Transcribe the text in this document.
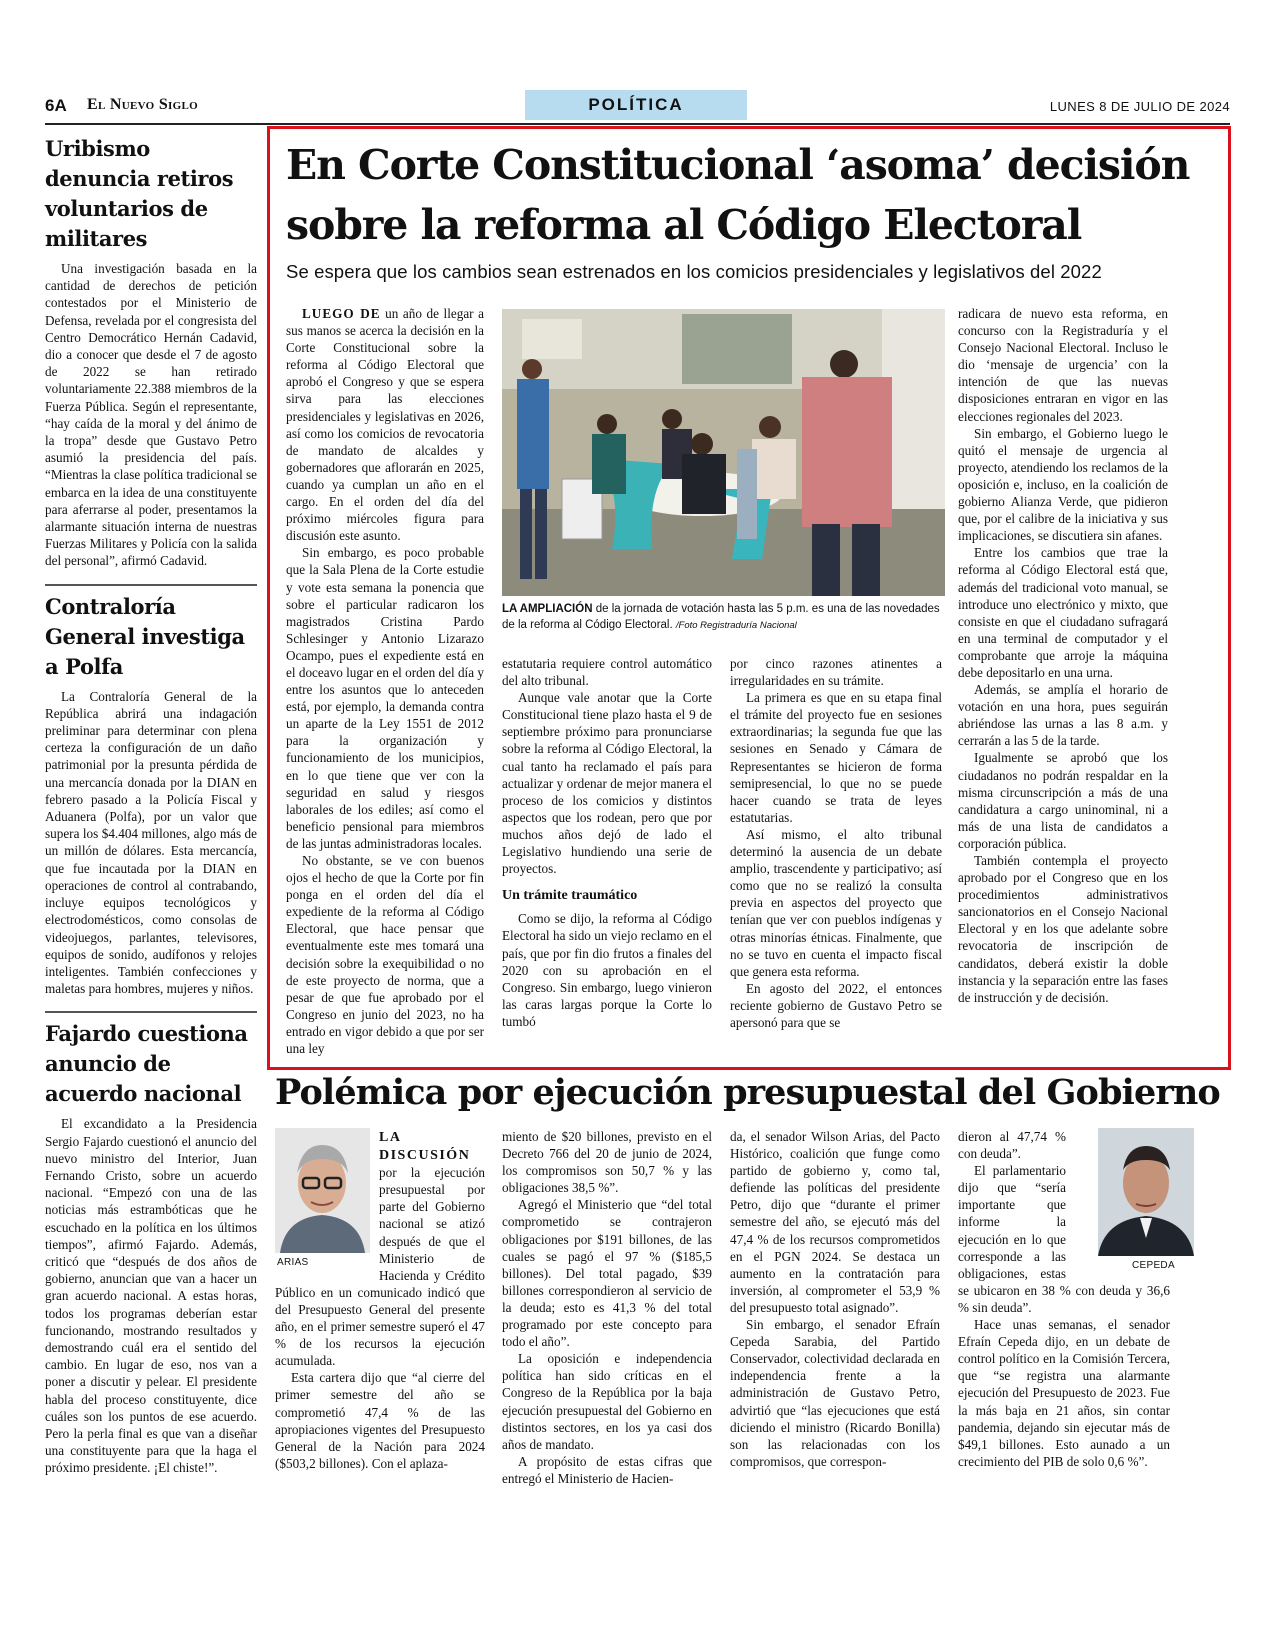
6A El Nuevo Siglo	POLÍTICA	LUNES 8 DE JULIO DE 2024
Uribismo denuncia retiros voluntarios de militares

Una investigación basada en la cantidad de derechos de petición contestados por el Ministerio de Defensa, revelada por el congresista del Centro Democrático Hernán Cadavid, dio a conocer que desde el 7 de agosto de 2022 se han retirado voluntariamente 22.388 miembros de la Fuerza Pública. Según el representante, “hay caída de la moral y del ánimo de la tropa” desde que Gustavo Petro asumió la presidencia del país. “Mientras la clase política tradicional se embarca en la idea de una constituyente para aferrarse al poder, presentamos la alarmante situación interna de nuestras Fuerzas Militares y Policía con la salida del personal”, afirmó Cadavid.

Contraloría General investiga a Polfa

La Contraloría General de la República abrirá una indagación preliminar para determinar con plena certeza la configuración de un daño patrimonial por la presunta pérdida de una mercancía donada por la DIAN en febrero pasado a la Policía Fiscal y Aduanera (Polfa), por un valor que supera los $4.404 millones, algo más de un millón de dólares. Esta mercancía, que fue incautada por la DIAN en operaciones de control al contrabando, incluye equipos tecnológicos y electrodomésticos, como consolas de videojuegos, parlantes, televisores, equipos de sonido, audífonos y relojes inteligentes. También confecciones y maletas para hombres, mujeres y niños.

Fajardo cuestiona anuncio de acuerdo nacional

El excandidato a la Presidencia Sergio Fajardo cuestionó el anuncio del nuevo ministro del Interior, Juan Fernando Cristo, sobre un acuerdo nacional. “Empezó con una de las noticias más estrambóticas que he escuchado en la política en los últimos tiempos”, afirmó Fajardo. Además, criticó que “después de dos años de gobierno, anuncian que van a hacer un gran acuerdo nacional. A estas horas, todos los programas deberían estar funcionando, mostrando resultados y demostrando cuál era el sentido del cambio. En lugar de eso, nos van a poner a discutir y pelear. El presidente habla del proceso constituyente, dice cuáles son los puntos de ese acuerdo. Pero la perla final es que van a diseñar una constituyente para que la haga el próximo presidente. ¡El chiste!”.

En Corte Constitucional ‘asoma’ decisión sobre la reforma al Código Electoral
Se espera que los cambios sean estrenados en los comicios presidenciales y legislativos del 2022

LUEGO DE un año de llegar a sus manos se acerca la decisión en la Corte Constitucional sobre la reforma al Código Electoral que aprobó el Congreso y que se espera sirva para las elecciones presidenciales y legislativas en 2026, así como los comicios de revocatoria de mandato de alcaldes y gobernadores que aflorarán en 2025, cuando ya cumplan un año en el cargo. En el orden del día del próximo miércoles figura para discusión este asunto.

Sin embargo, es poco probable que la Sala Plena de la Corte estudie y vote esta semana la ponencia que sobre el particular radicaron los magistrados Cristina Pardo Schlesinger y Antonio Lizarazo Ocampo, pues el expediente está en el doceavo lugar en el orden del día y entre los asuntos que lo anteceden está, por ejemplo, la demanda contra un aparte de la Ley 1551 de 2012 para la organización y funcionamiento de los municipios, en lo que tiene que ver con la seguridad en salud y riesgos laborales de los ediles; así como el beneficio pensional para miembros de las juntas administradoras locales.

No obstante, se ve con buenos ojos el hecho de que la Corte por fin ponga en el orden del día el expediente de la reforma al Código Electoral, que hace pensar que eventualmente este mes tomará una decisión sobre la exequibilidad o no de este proyecto de norma, que a pesar de que fue aprobado por el Congreso en junio del 2023, no ha entrado en vigor debido a que por ser una ley

LA AMPLIACIÓN de la jornada de votación hasta las 5 p.m. es una de las novedades de la reforma al Código Electoral. /Foto Registraduría Nacional

estatutaria requiere control automático del alto tribunal.

Aunque vale anotar que la Corte Constitucional tiene plazo hasta el 9 de septiembre próximo para pronunciarse sobre la reforma al Código Electoral, la cual tanto ha reclamado el país para actualizar y ordenar de mejor manera el proceso de los comicios y distintos aspectos que los rodean, pero que por muchos años dejó de lado el Legislativo hundiendo una serie de proyectos.

Un trámite traumático

Como se dijo, la reforma al Código Electoral ha sido un viejo reclamo en el país, que por fin dio frutos a finales del 2020 con su aprobación en el Congreso. Sin embargo, luego vinieron las caras largas porque la Corte lo tumbó

por cinco razones atinentes a irregularidades en su trámite.

La primera es que en su etapa final el trámite del proyecto fue en sesiones extraordinarias; la segunda fue que las sesiones en Senado y Cámara de Representantes se hicieron de forma semipresencial, lo que no se puede hacer cuando se trata de leyes estatutarias.

Así mismo, el alto tribunal determinó la ausencia de un debate amplio, trascendente y participativo; así como que no se realizó la consulta previa en aspectos del proyecto que tenían que ver con pueblos indígenas y otras minorías étnicas. Finalmente, que no se tuvo en cuenta el impacto fiscal que genera esta reforma.

En agosto del 2022, el entonces reciente gobierno de Gustavo Petro se apersonó para que se

radicara de nuevo esta reforma, en concurso con la Registraduría y el Consejo Nacional Electoral. Incluso le dio ‘mensaje de urgencia’ con la intención de que las nuevas disposiciones entraran en vigor en las elecciones regionales del 2023.

Sin embargo, el Gobierno luego le quitó el mensaje de urgencia al proyecto, atendiendo los reclamos de la oposición e, incluso, en la coalición de gobierno Alianza Verde, que pidieron que, por el calibre de la iniciativa y sus implicaciones, se discutiera sin afanes.

Entre los cambios que trae la reforma al Código Electoral está que, además del tradicional voto manual, se introduce uno electrónico y mixto, que consiste en que el ciudadano sufragará en una terminal de computador y el comprobante que arroje la máquina debe depositarlo en una urna.

Además, se amplía el horario de votación en una hora, pues seguirán abriéndose las urnas a las 8 a.m. y cerrarán a las 5 de la tarde.

Igualmente se aprobó que los ciudadanos no podrán respaldar en la misma circunscripción a más de una candidatura a cargo uninominal, ni a más de una lista de candidatos a corporación pública.

También contempla el proyecto aprobado por el Congreso que en los procedimientos administrativos sancionatorios en el Consejo Nacional Electoral y en los que adelante sobre revocatoria de inscripción de candidatos, deberá existir la doble instancia y la separación entre las fases de instrucción y de decisión.

Polémica por ejecución presupuestal del Gobierno
ARIAS

LA DISCUSIÓN por la ejecución presupuestal por parte del Gobierno nacional se atizó después de que el Ministerio de Hacienda y Crédito Público en un comunicado indicó que del Presupuesto General del presente año, en el primer semestre superó el 47 % de los recursos la ejecución acumulada.

Esta cartera dijo que “al cierre del primer semestre del año se comprometió 47,4 % de las apropiaciones vigentes del Presupuesto General de la Nación para 2024 ($503,2 billones). Con el aplaza-

miento de $20 billones, previsto en el Decreto 766 del 20 de junio de 2024, los compromisos son 50,7 % y las obligaciones 38,5 %”.

Agregó el Ministerio que “del total comprometido se contrajeron obligaciones por $191 billones, de las cuales se pagó el 97 % ($185,5 billones). Del total pagado, $39 billones correspondieron al servicio de la deuda; esto es 41,3 % del total programado por este concepto para todo el año”.

La oposición e independencia política han sido críticas en el Congreso de la República por la baja ejecución presupuestal del Gobierno en distintos sectores, en los ya casi dos años de mandato.

A propósito de estas cifras que entregó el Ministerio de Hacien-

da, el senador Wilson Arias, del Pacto Histórico, coalición que funge como partido de gobierno y, como tal, defiende las políticas del presidente Petro, dijo que “durante el primer semestre del año, se ejecutó más del 47,4 % de los recursos comprometidos en el PGN 2024. Se destaca un aumento en la contratación para inversión, al comprometer el 53,9 % del presupuesto total asignado”.

Sin embargo, el senador Efraín Cepeda Sarabia, del Partido Conservador, colectividad declarada en independencia frente a la administración de Gustavo Petro, advirtió que “las ejecuciones que está diciendo el ministro (Ricardo Bonilla) son las relacionadas con los compromisos, que correspon-

CEPEDA

dieron al 47,74 % con deuda”.

El parlamentario dijo que “sería importante que informe la ejecución en lo que corresponde a las obligaciones, estas se ubicaron en 38 % con deuda y 36,6 % sin deuda”.

Hace unas semanas, el senador Efraín Cepeda dijo, en un debate de control político en la Comisión Tercera, que “se registra una alarmante ejecución del Presupuesto de 2023. Fue la más baja en 21 años, sin contar pandemia, dejando sin ejecutar más de $49,1 billones. Esto aunado a un crecimiento del PIB de solo 0,6 %”.
